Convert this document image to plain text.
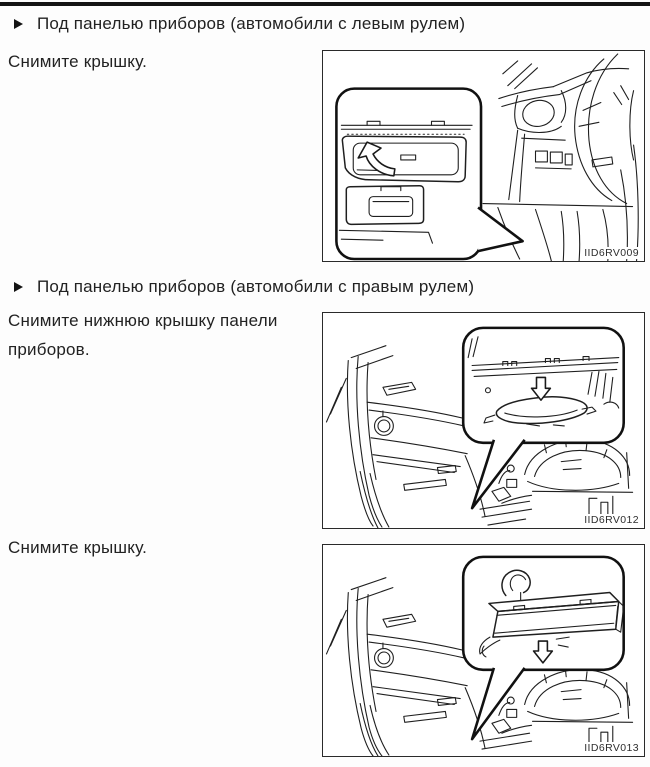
Под панелью приборов (автомобили с левым рулем)
Снимите крышку.
IID6RV009
Под панелью приборов (автомобили с правым рулем)
Снимите нижнюю крышку панели приборов.
IID6RV012
Снимите крышку.
IID6RV013
